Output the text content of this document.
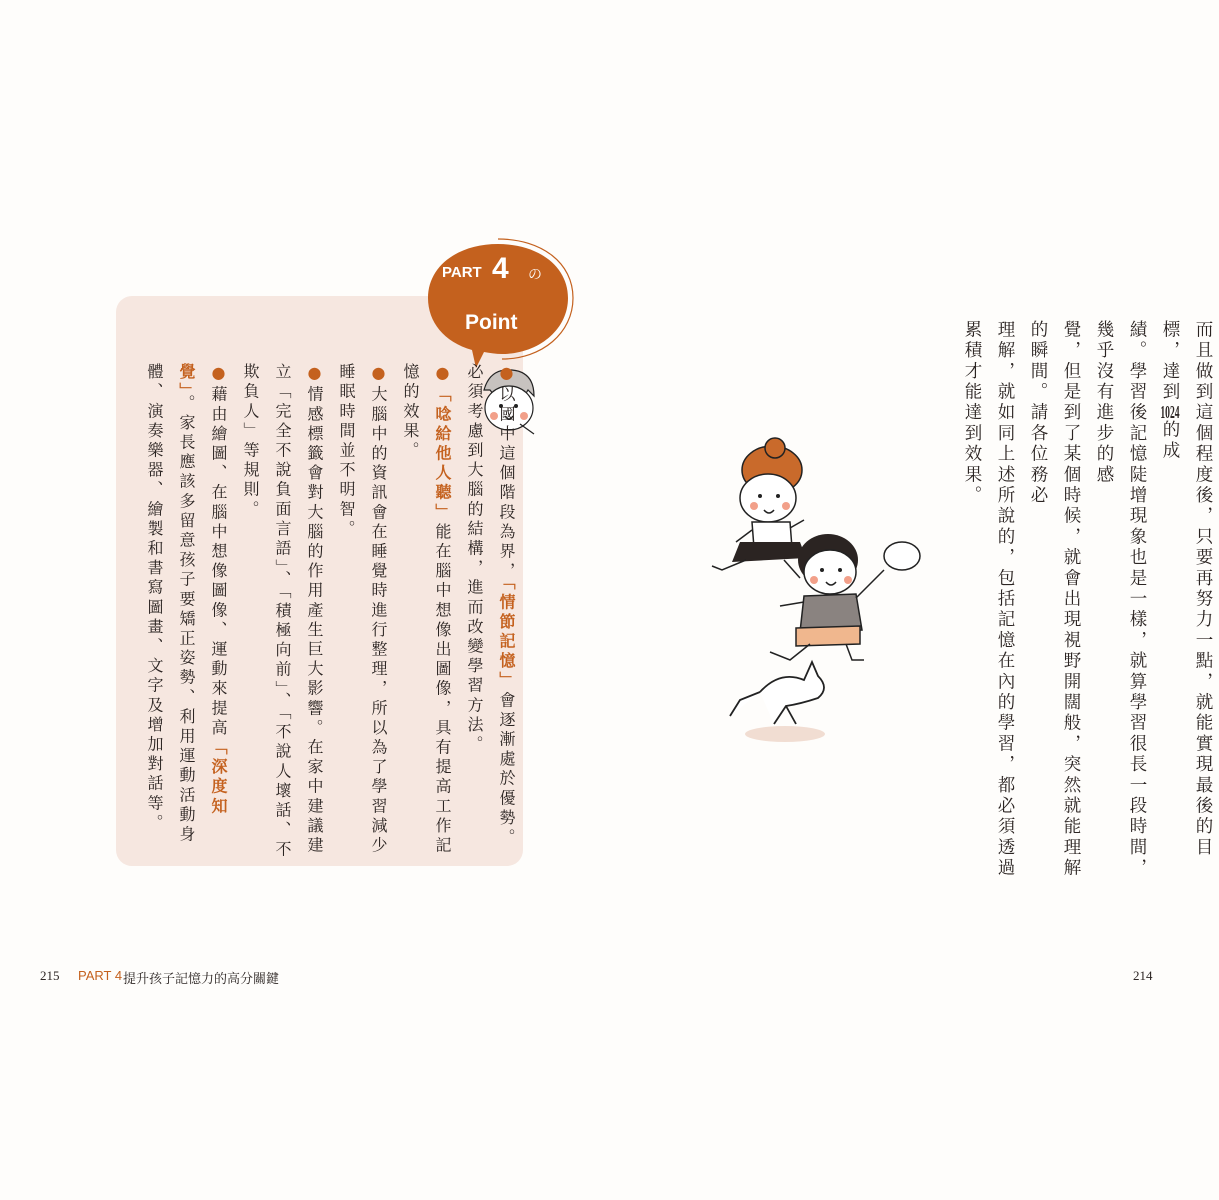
而且做到這個程度後，只要再努力一點，就能實現最後的目標，達到1024的成
績。學習後記憶陡增現象也是一樣，就算學習很長一段時間，幾乎沒有進步的感
覺，但是到了某個時候，就會出現視野開闊般，突然就能理解的瞬間。請各位務必
理解，就如同上述所說的，包括記憶在內的學習，都必須透過累積才能達到效果。
PART 4 の
Point
●以國中這個階段為界，「情節記憶」會逐漸處於優勢。必須考慮到大腦的結構，進而改變學習方法。
●「唸給他人聽」能在腦中想像出圖像，具有提高工作記憶的效果。
●大腦中的資訊會在睡覺時進行整理，所以為了學習減少睡眠時間並不明智。
●情感標籤會對大腦的作用產生巨大影響。在家中建議建立「完全不說負面言語」、「積極向前」、「不說人壞話、不欺負人」等規則。
●藉由繪圖、在腦中想像圖像、運動來提高「深度知覺」。家長應該多留意孩子要矯正姿勢、利用運動活動身體、演奏樂器、繪製和書寫圖畫、文字及增加對話等。
215 PART 4 提升孩子記憶力的高分關鍵	214
